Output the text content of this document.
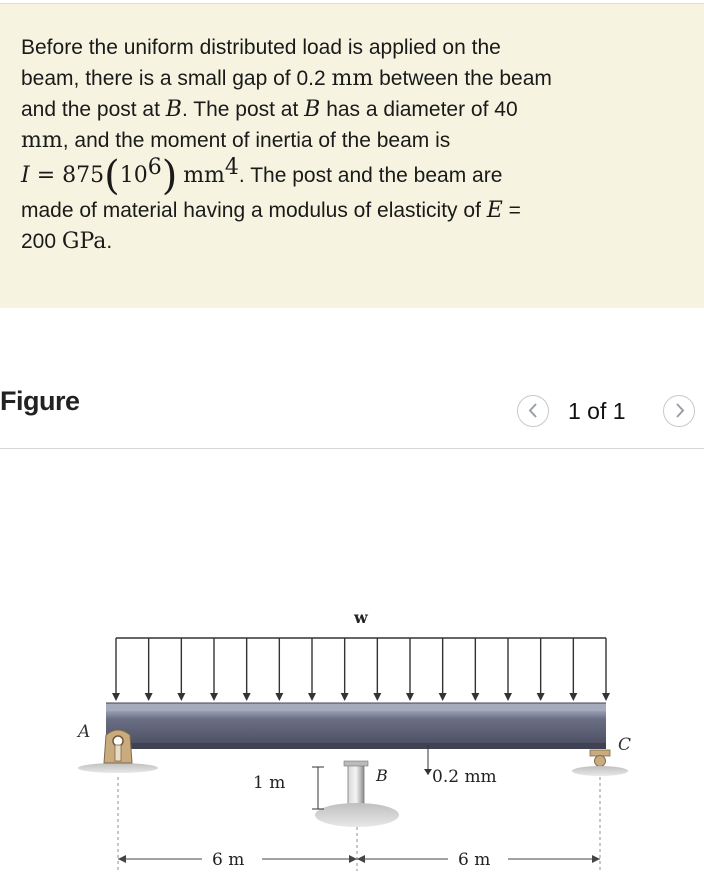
Before the uniform distributed load is applied on the
beam, there is a small gap of 0.2 mm between the beam
and the post at B. The post at B has a diameter of 40
mm, and the moment of inertia of the beam is
$I = 875(10^6)$ $mm^4$. The post and the beam are
made of material having a modulus of elasticity of E =
200 GPa.
Figure	1 of 1
w
A
C
B	0.2 mm
1 m
6 m	6 m
